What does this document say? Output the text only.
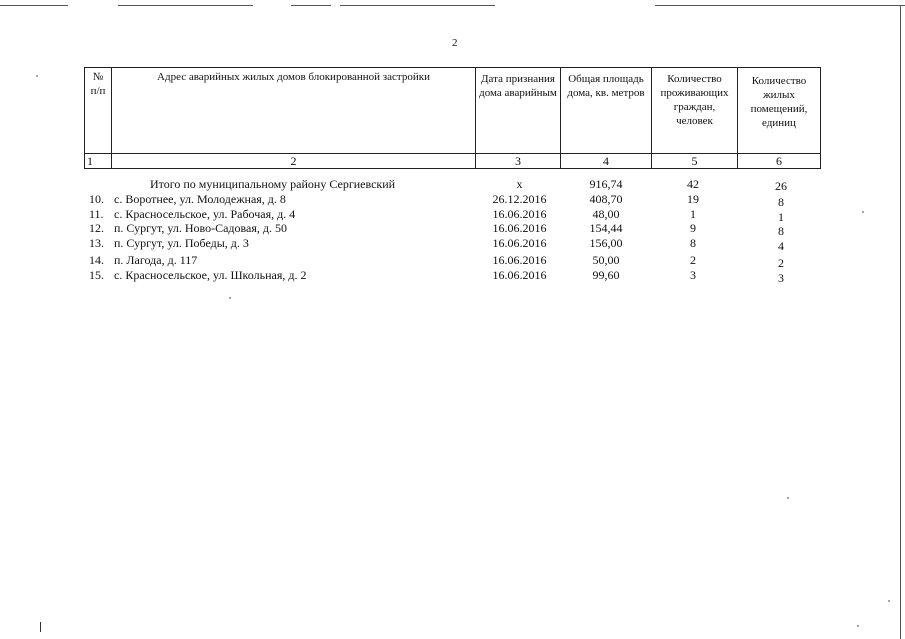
2
№ п/п	Адрес аварийных жилых домов блокированной застройки	Дата признания дома аварийным	Общая площадь дома, кв. метров	Количество проживающих граждан, человек	Количество жилых помещений, единиц
1	2	3	4	5	6
Итого по муниципальному району Сергиевский	x	916,74	42	26
10. с. Воротнее, ул. Молодежная, д. 8	26.12.2016	408,70	19	8
11. с. Красносельское, ул. Рабочая, д. 4	16.06.2016	48,00	1	1
12. п. Сургут, ул. Ново-Садовая, д. 50	16.06.2016	154,44	9	8
13. п. Сургут, ул. Победы, д. 3	16.06.2016	156,00	8	4
14. п. Лагода, д. 117	16.06.2016	50,00	2	2
15. с. Красносельское, ул. Школьная, д. 2	16.06.2016	99,60	3	3
